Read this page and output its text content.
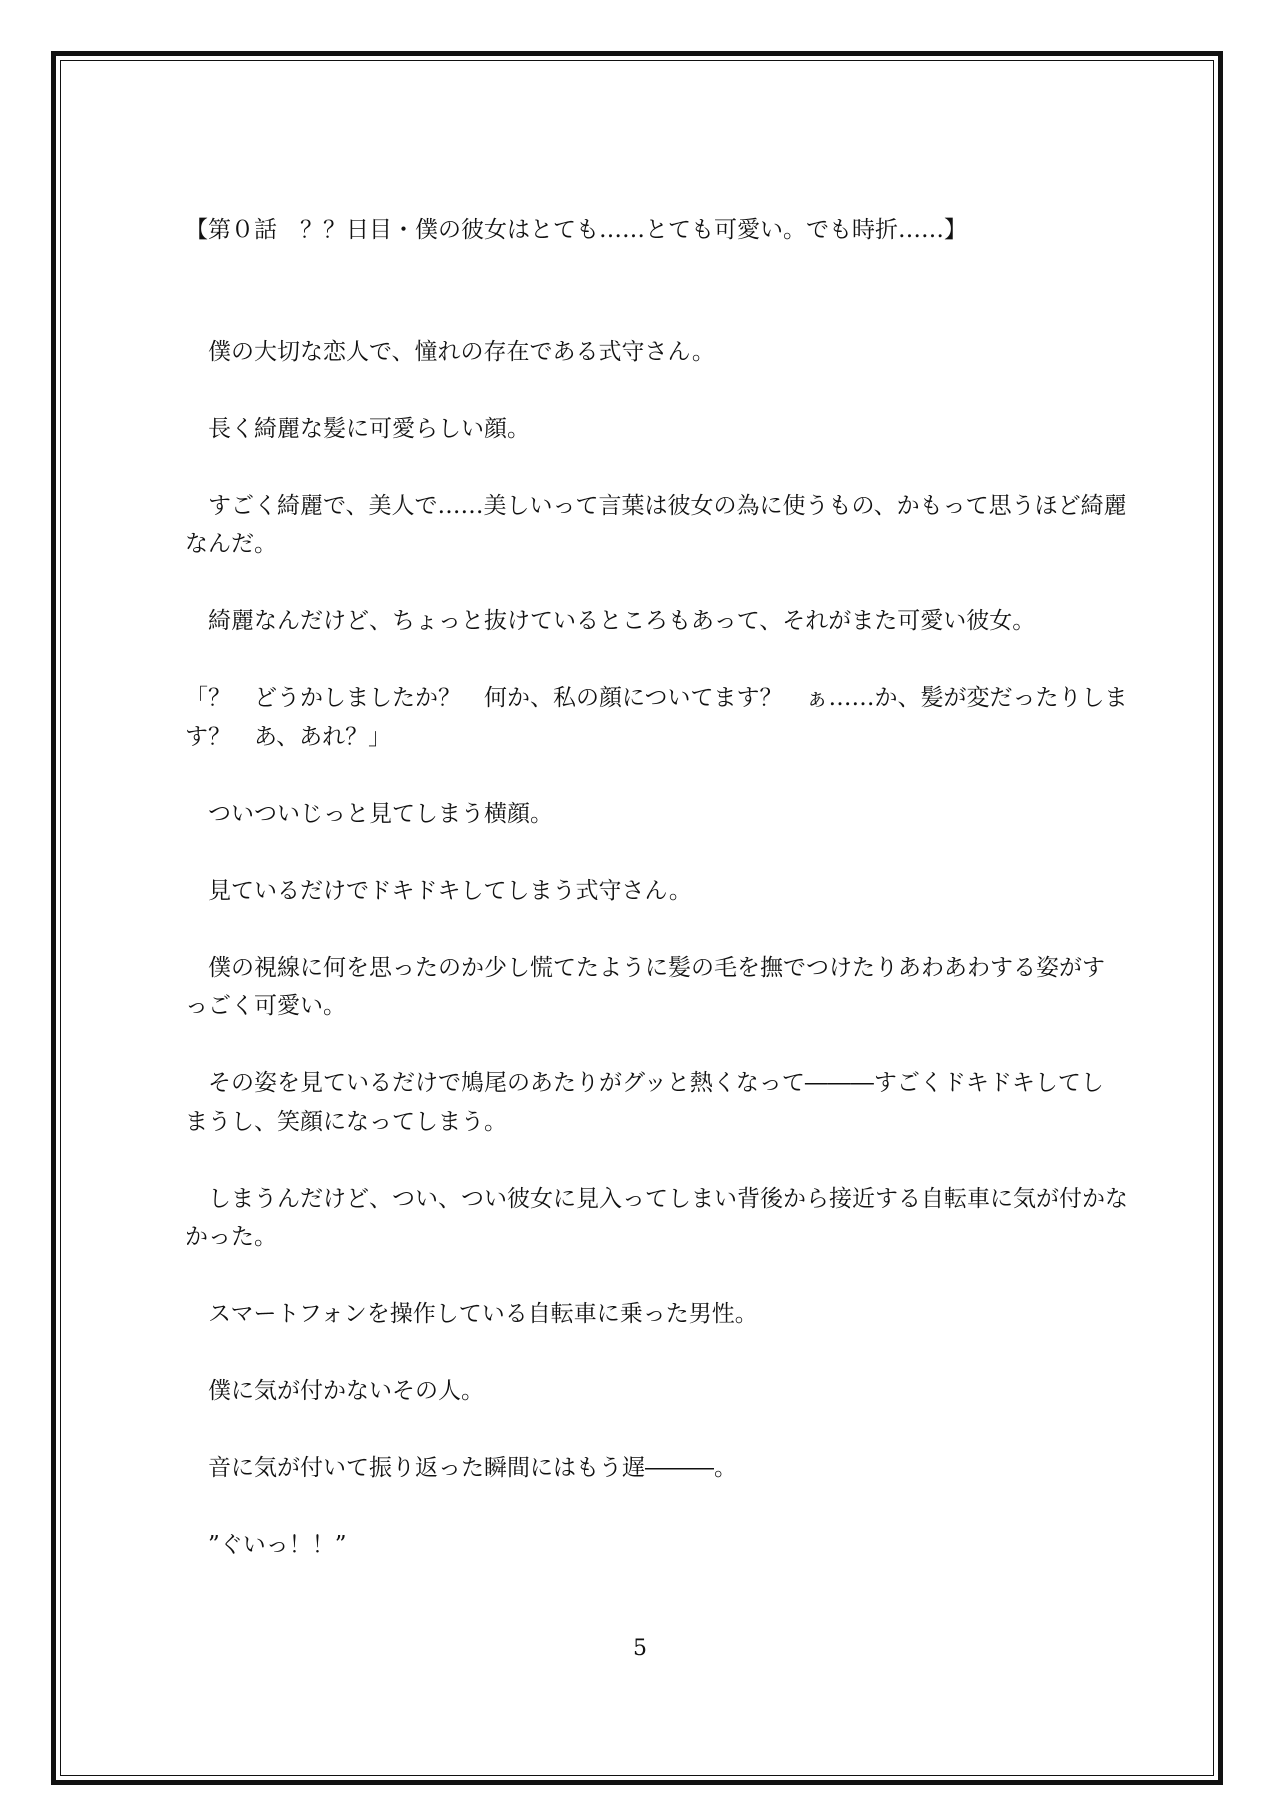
【第０話　？？日目・僕の彼女はとても……とても可愛い。でも時折……】
僕の大切な恋人で、憧れの存在である式守さん。
長く綺麗な髪に可愛らしい顔。
すごく綺麗で、美人で……美しいって言葉は彼女の為に使うもの、かもって思うほど綺麗
なんだ。
綺麗なんだけど、ちょっと抜けているところもあって、それがまた可愛い彼女。
「？　どうかしましたか？　何か、私の顔についてます？　ぁ……か、髪が変だったりしま
す？　あ、あれ？」
ついついじっと見てしまう横顔。
見ているだけでドキドキしてしまう式守さん。
僕の視線に何を思ったのか少し慌てたように髪の毛を撫でつけたりあわあわする姿がす
っごく可愛い。
その姿を見ているだけで鳩尾のあたりがグッと熱くなって―――すごくドキドキしてし
まうし、笑顔になってしまう。
しまうんだけど、つい、つい彼女に見入ってしまい背後から接近する自転車に気が付かな
かった。
スマートフォンを操作している自転車に乗った男性。
僕に気が付かないその人。
音に気が付いて振り返った瞬間にはもう遅―――。
”ぐいっ！！”
5
